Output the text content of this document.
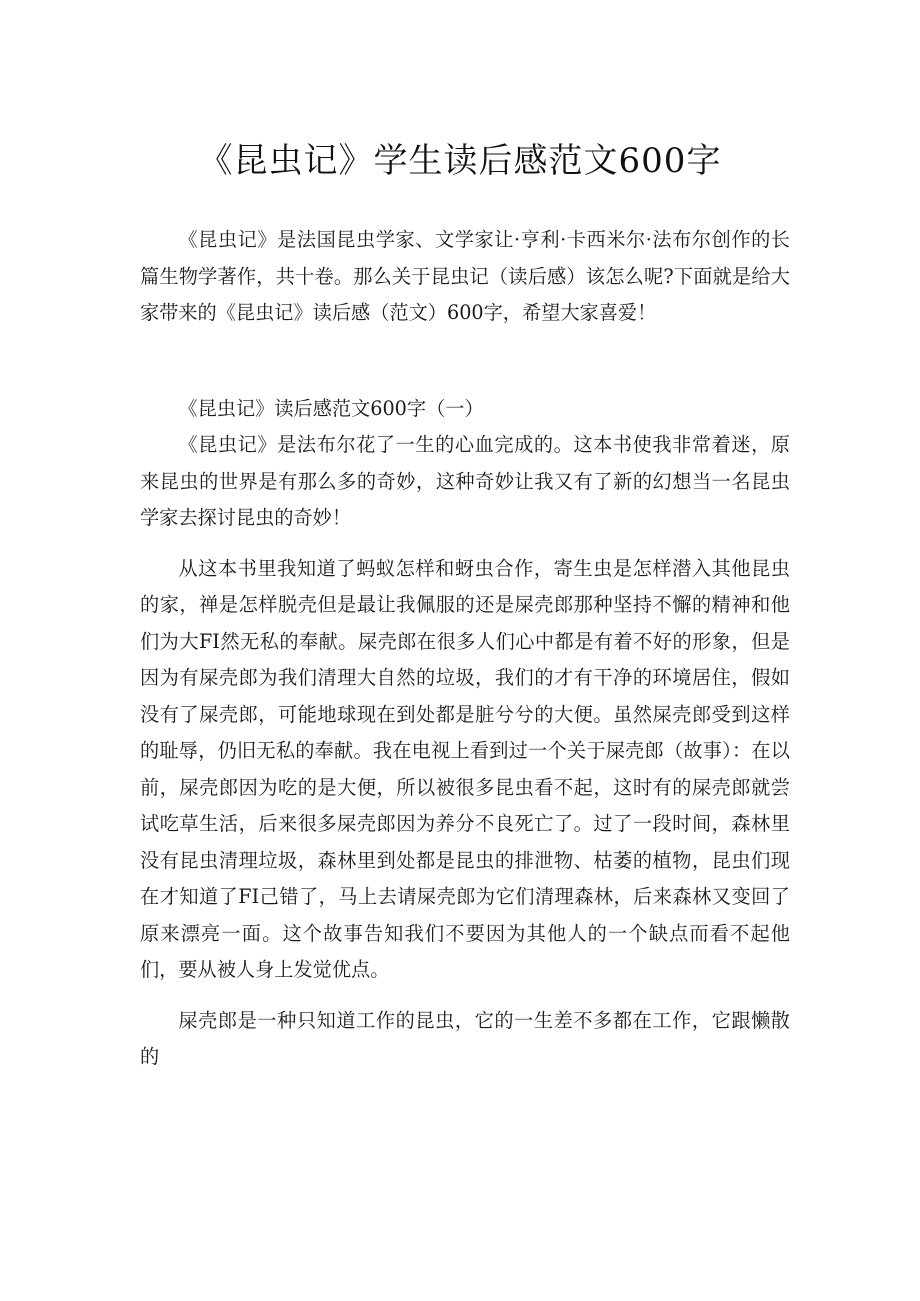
《昆虫记》学生读后感范文600字

《昆虫记》是法国昆虫学家、文学家让·亨利·卡西米尔·法布尔创作的长篇生物学著作，共十卷。那么关于昆虫记（读后感）该怎么呢?下面就是给大家带来的《昆虫记》读后感（范文）600字，希望大家喜爱！

《昆虫记》读后感范文600字（一）

《昆虫记》是法布尔花了一生的心血完成的。这本书使我非常着迷，原来昆虫的世界是有那么多的奇妙，这种奇妙让我又有了新的幻想当一名昆虫学家去探讨昆虫的奇妙！

从这本书里我知道了蚂蚁怎样和蚜虫合作，寄生虫是怎样潜入其他昆虫的家，禅是怎样脱壳但是最让我佩服的还是屎壳郎那种坚持不懈的精神和他们为大FI然无私的奉献。屎壳郎在很多人们心中都是有着不好的形象，但是因为有屎壳郎为我们清理大自然的垃圾，我们的才有干净的环境居住，假如没有了屎壳郎，可能地球现在到处都是脏兮兮的大便。虽然屎壳郎受到这样的耻辱，仍旧无私的奉献。我在电视上看到过一个关于屎壳郎（故事）：在以前，屎壳郎因为吃的是大便，所以被很多昆虫看不起，这时有的屎壳郎就尝试吃草生活，后来很多屎壳郎因为养分不良死亡了。过了一段时间，森林里没有昆虫清理垃圾，森林里到处都是昆虫的排泄物、枯萎的植物，昆虫们现在才知道了FI己错了，马上去请屎壳郎为它们清理森林，后来森林又变回了原来漂亮一面。这个故事告知我们不要因为其他人的一个缺点而看不起他们，要从被人身上发觉优点。

屎壳郎是一种只知道工作的昆虫，它的一生差不多都在工作，它跟懒散的
